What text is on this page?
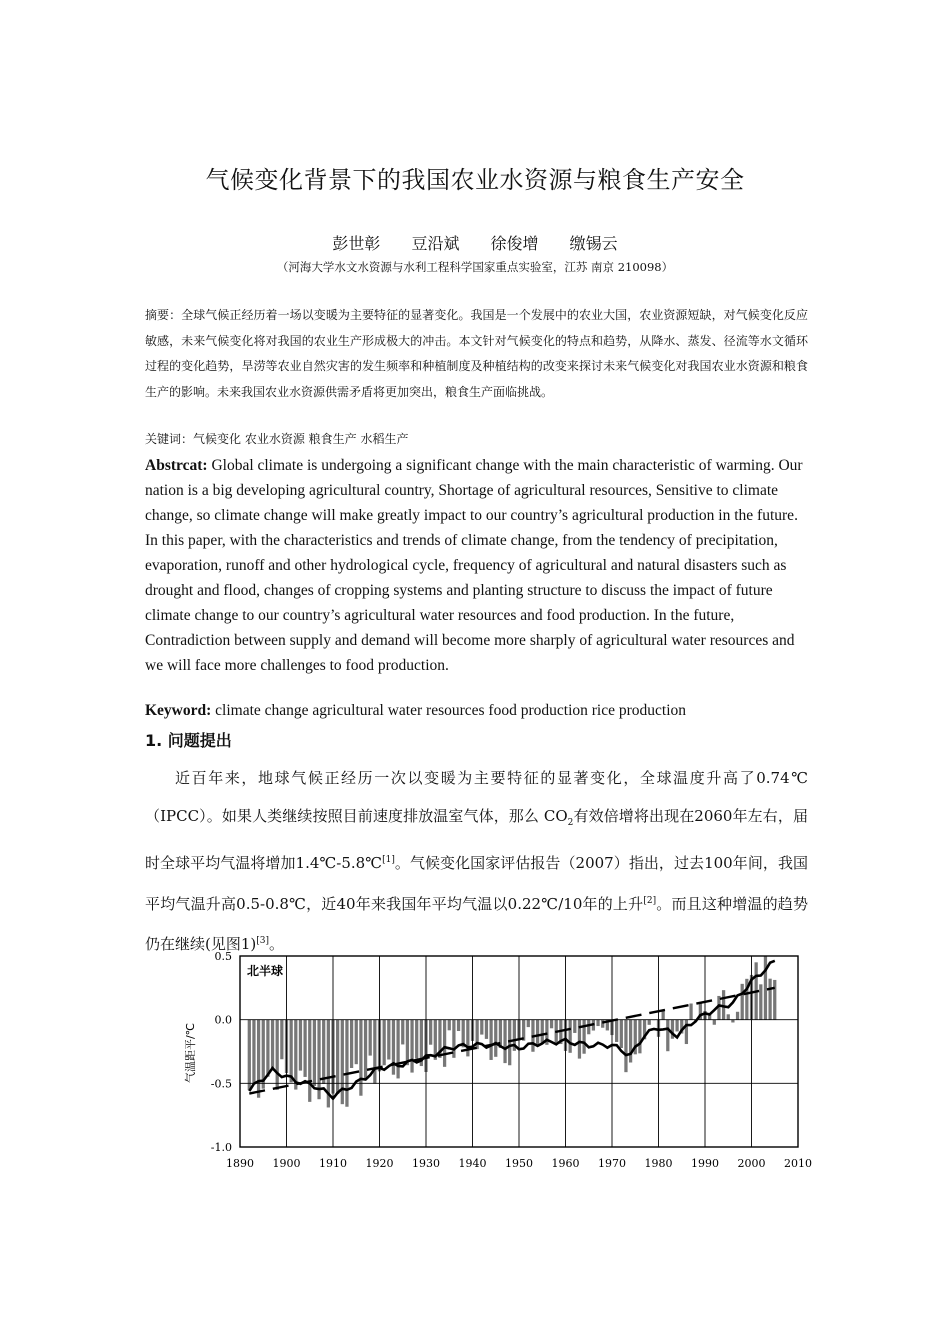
气候变化背景下的我国农业水资源与粮食生产安全
彭世彰 豆沿斌 徐俊增 缴锡云
（河海大学水文水资源与水利工程科学国家重点实验室，江苏 南京 210098）
摘要：全球气候正经历着一场以变暖为主要特征的显著变化。我国是一个发展中的农业大国，农业资源短缺，对气候变化反应敏感，未来气候变化将对我国的农业生产形成极大的冲击。本文针对气候变化的特点和趋势，从降水、蒸发、径流等水文循环过程的变化趋势，旱涝等农业自然灾害的发生频率和种植制度及种植结构的改变来探讨未来气候变化对我国农业水资源和粮食生产的影响。未来我国农业水资源供需矛盾将更加突出，粮食生产面临挑战。
关键词：气候变化 农业水资源 粮食生产 水稻生产
Abstrcat: Global climate is undergoing a significant change with the main characteristic of warming. Our nation is a big developing agricultural country, Shortage of agricultural resources, Sensitive to climate change, so climate change will make greatly impact to our country’s agricultural production in the future. In this paper, with the characteristics and trends of climate change, from the tendency of precipitation, evaporation, runoff and other hydrological cycle, frequency of agricultural and natural disasters such as drought and flood, changes of cropping systems and planting structure to discuss the impact of future climate change to our country’s agricultural water resources and food production. In the future, Contradiction between supply and demand will become more sharply of agricultural water resources and we will face more challenges to food production.
Keyword: climate change agricultural water resources food production rice production
1. 问题提出
近百年来，地球气候正经历一次以变暖为主要特征的显著变化，全球温度升高了0.74℃（IPCC）。如果人类继续按照目前速度排放温室气体，那么 $CO_2$有效倍增将出现在2060年左右，届时全球平均气温将增加1.4℃-5.8℃[1]。气候变化国家评估报告（2007）指出，过去100年间，我国平均气温升高0.5-0.8℃，近40年来我国年平均气温以0.22℃/10年的上升[2]。而且这种增温的趋势仍在继续(见图1)[3]。
0.5
0.0
-0.5
-1.0
1890 1900 1910 1920 1930 1940 1950 1960 1970 1980 1990 2000 2010
北半球
气温距平/℃
